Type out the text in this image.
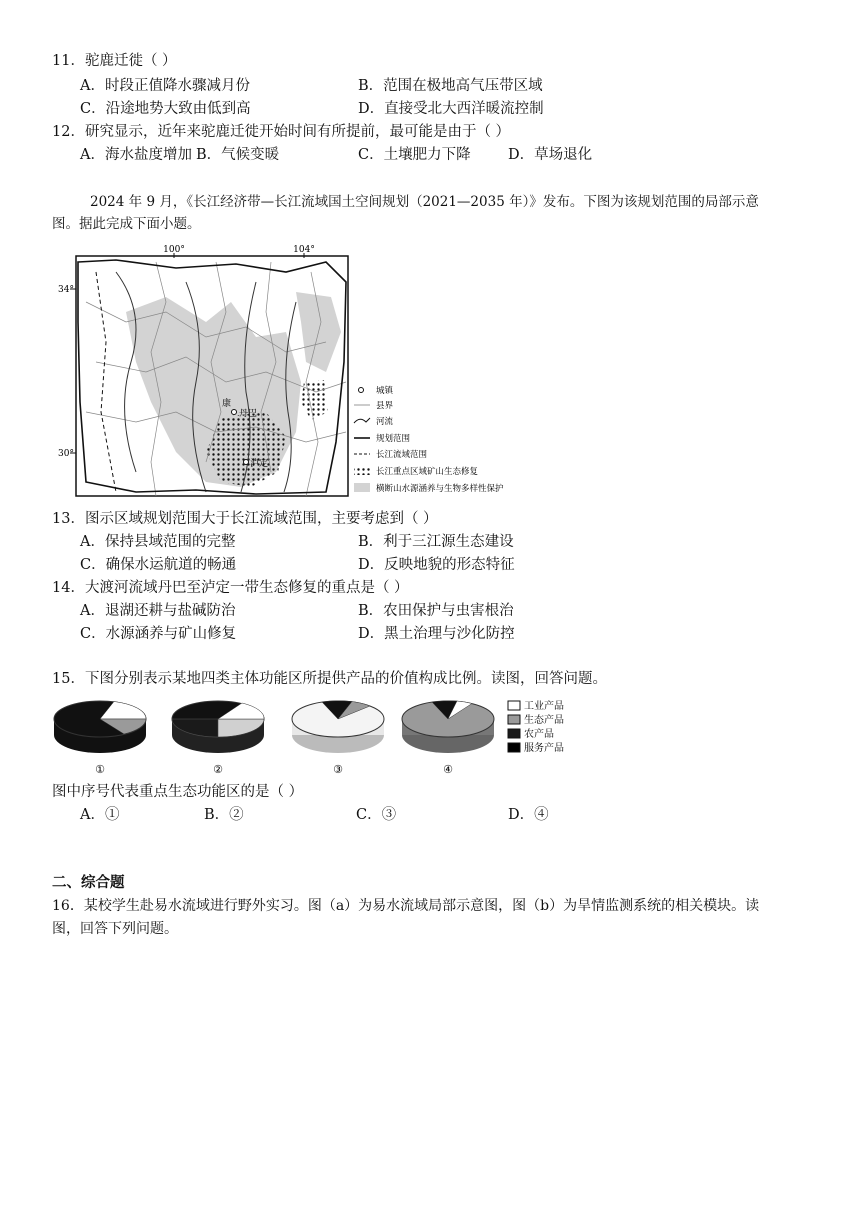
11．驼鹿迁徙（ ）
A．时段正值降水骤减月份	B．范围在极地高气压带区域
C．沿途地势大致由低到高	D．直接受北大西洋暖流控制
12．研究显示，近年来驼鹿迁徙开始时间有所提前，最可能是由于（ ）
A．海水盐度增加 B．气候变暖	C．土壤肥力下降	D．草场退化
2024 年 9 月，《长江经济带—长江流域国土空间规划（2021—2035 年）》发布。下图为该规划范围的局部示意
图。据此完成下面小题。
100°	104°
34°
30°
丹巴
康
泸定
城镇
县界
河流
规划范围
长江流域范围
长江重点区域矿山生态修复
横断山水源涵养与生物多样性保护
13．图示区域规划范围大于长江流域范围，主要考虑到（ ）
A．保持县域范围的完整	B．利于三江源生态建设
C．确保水运航道的畅通	D．反映地貌的形态特征
14．大渡河流域丹巴至泸定一带生态修复的重点是（ ）
A．退湖还耕与盐碱防治	B．农田保护与虫害根治
C．水源涵养与矿山修复	D．黑土治理与沙化防控
15．下图分别表示某地四类主体功能区所提供产品的价值构成比例。读图，回答问题。
①	②	③	④
工业产品
生态产品
农产品
服务产品
图中序号代表重点生态功能区的是（ ）
A．①	B．②	C．③	D．④
二、综合题
16．某校学生赴易水流域进行野外实习。图（a）为易水流域局部示意图，图（b）为旱情监测系统的相关模块。读
图，回答下列问题。
